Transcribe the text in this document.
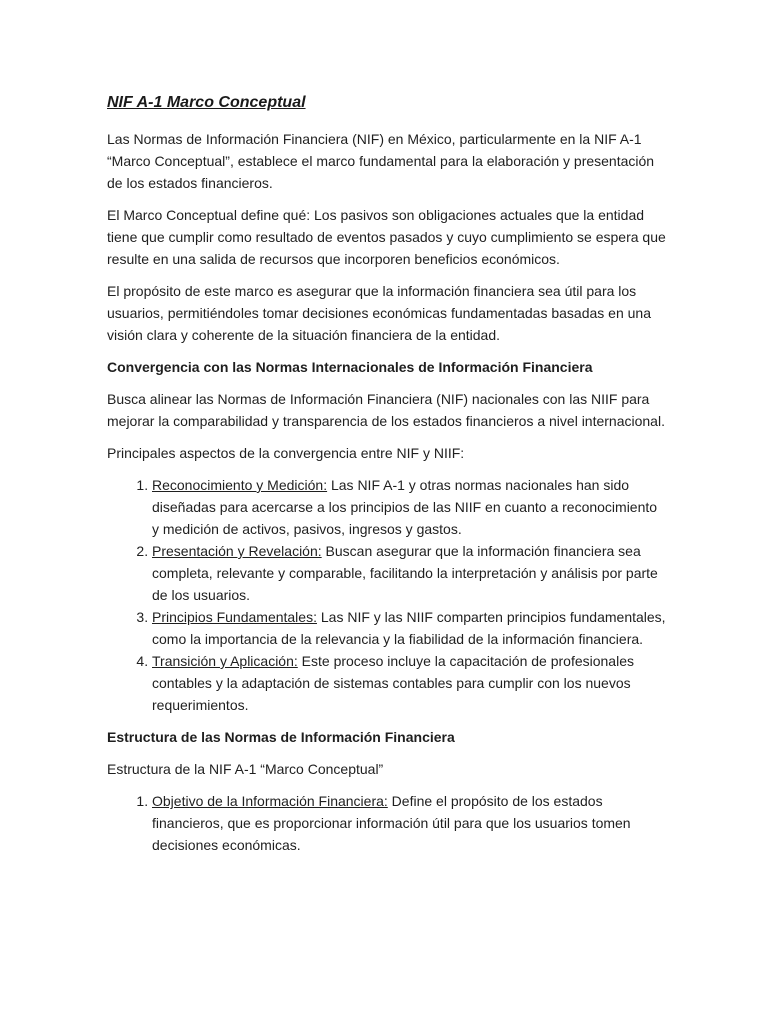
NIF A-1 Marco Conceptual

Las Normas de Información Financiera (NIF) en México, particularmente en la NIF A-1 “Marco Conceptual”, establece el marco fundamental para la elaboración y presentación de los estados financieros.

El Marco Conceptual define qué: Los pasivos son obligaciones actuales que la entidad tiene que cumplir como resultado de eventos pasados y cuyo cumplimiento se espera que resulte en una salida de recursos que incorporen beneficios económicos.

El propósito de este marco es asegurar que la información financiera sea útil para los usuarios, permitiéndoles tomar decisiones económicas fundamentadas basadas en una visión clara y coherente de la situación financiera de la entidad.

Convergencia con las Normas Internacionales de Información Financiera

Busca alinear las Normas de Información Financiera (NIF) nacionales con las NIIF para mejorar la comparabilidad y transparencia de los estados financieros a nivel internacional.

Principales aspectos de la convergencia entre NIF y NIIF:

1. Reconocimiento y Medición: Las NIF A-1 y otras normas nacionales han sido diseñadas para acercarse a los principios de las NIIF en cuanto a reconocimiento y medición de activos, pasivos, ingresos y gastos.
2. Presentación y Revelación: Buscan asegurar que la información financiera sea completa, relevante y comparable, facilitando la interpretación y análisis por parte de los usuarios.
3. Principios Fundamentales: Las NIF y las NIIF comparten principios fundamentales, como la importancia de la relevancia y la fiabilidad de la información financiera.
4. Transición y Aplicación: Este proceso incluye la capacitación de profesionales contables y la adaptación de sistemas contables para cumplir con los nuevos requerimientos.
Estructura de las Normas de Información Financiera

Estructura de la NIF A-1 “Marco Conceptual”

1. Objetivo de la Información Financiera: Define el propósito de los estados financieros, que es proporcionar información útil para que los usuarios tomen decisiones económicas.
